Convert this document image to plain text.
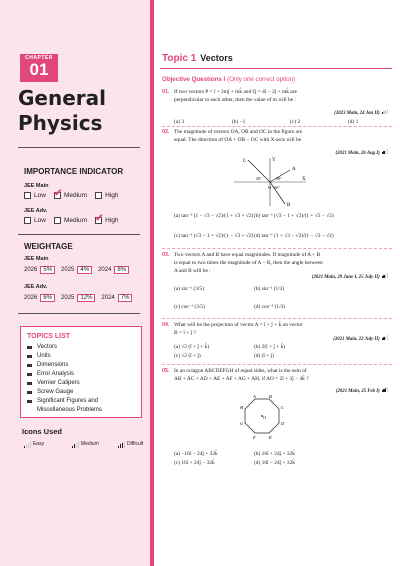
CHAPTER
01
General
Physics
IMPORTANCE INDICATOR
JEE Main
Low ✔	Medium	High
JEE Adv.
Low	Medium ✔	High
WEIGHTAGE
JEE Main
2026	5%	2025	4%	2024	8%
JEE Adv.
2026	6%	2025	12%	2024	7%
TOPICS LIST
Vectors
Units
Dimensions
Error Analysis
Vernier Calipers
Screw Gauge
Significant Figures and
Miscellaneous Problems
Icons Used
Easy	Medium	Difficult
Topic 1 Vectors
Objective Questions I (Only one correct option)
01. If two vectors P = î + 2mĵ + mk̂ and Q = 4î − 2ĵ + mk̂ are
perpendicular to each other, then the value of m will be :
(2023 Main, 24 Jan II)
(a) 3	(b) −1	(c) 2	(d) 1
02. The magnitude of vectors OA, OB and OC in the figure are
equal. The direction of OA + OB − OC with X-axis will be
(2021 Main, 26 Aug I)
C	Y
A
X
O
45°	30°
60°
B
(a) tan⁻¹ (1 − √3 − √2)/(1 + √3 + √2) (b) tan⁻¹ (√3 − 1 + √2)/(1 + √3 − √2)
(c) tan⁻¹ (√3 − 1 + √2)/(1 − √3 + √2) (d) tan⁻¹ (1 + √3 − √2)/(1 − √3 − √2)
03. Two vectors A and B have equal magnitudes. If magnitude of A + B
is equal to two times the magnitude of A − B, then the angle between
A and B will be :
(2021 Main, 29 June I, 25 July II)
(a) sin⁻¹ (3/5)	(b) sin⁻¹ (1/3)
(c) cos⁻¹ (3/5)	(d) cos⁻¹ (1/3)
04. What will be the projection of vector A = î + ĵ + k̂ on vector
B = î + ĵ ?
(2021 Main, 22 July II)
(a) √2 (î + ĵ + k̂)	(b) 2(î + ĵ + k̂)
(c) √2 (î + ĵ)	(d) (î + ĵ)
05. In an octagon ABCDEFGH of equal sides, what is the sum of
AB + AC + AD + AE + AF + AG + AH, if AO = 2î + 3ĵ − 4k̂ ?
(2021 Main, 25 Feb I)
A	B
C
D
E
F
G
H
O
(a) −16î − 24ĵ + 32k̂	(b) 16î + 24ĵ + 32k̂
(c) 16î + 24ĵ − 32k̂	(d) 16î − 24ĵ + 32k̂
